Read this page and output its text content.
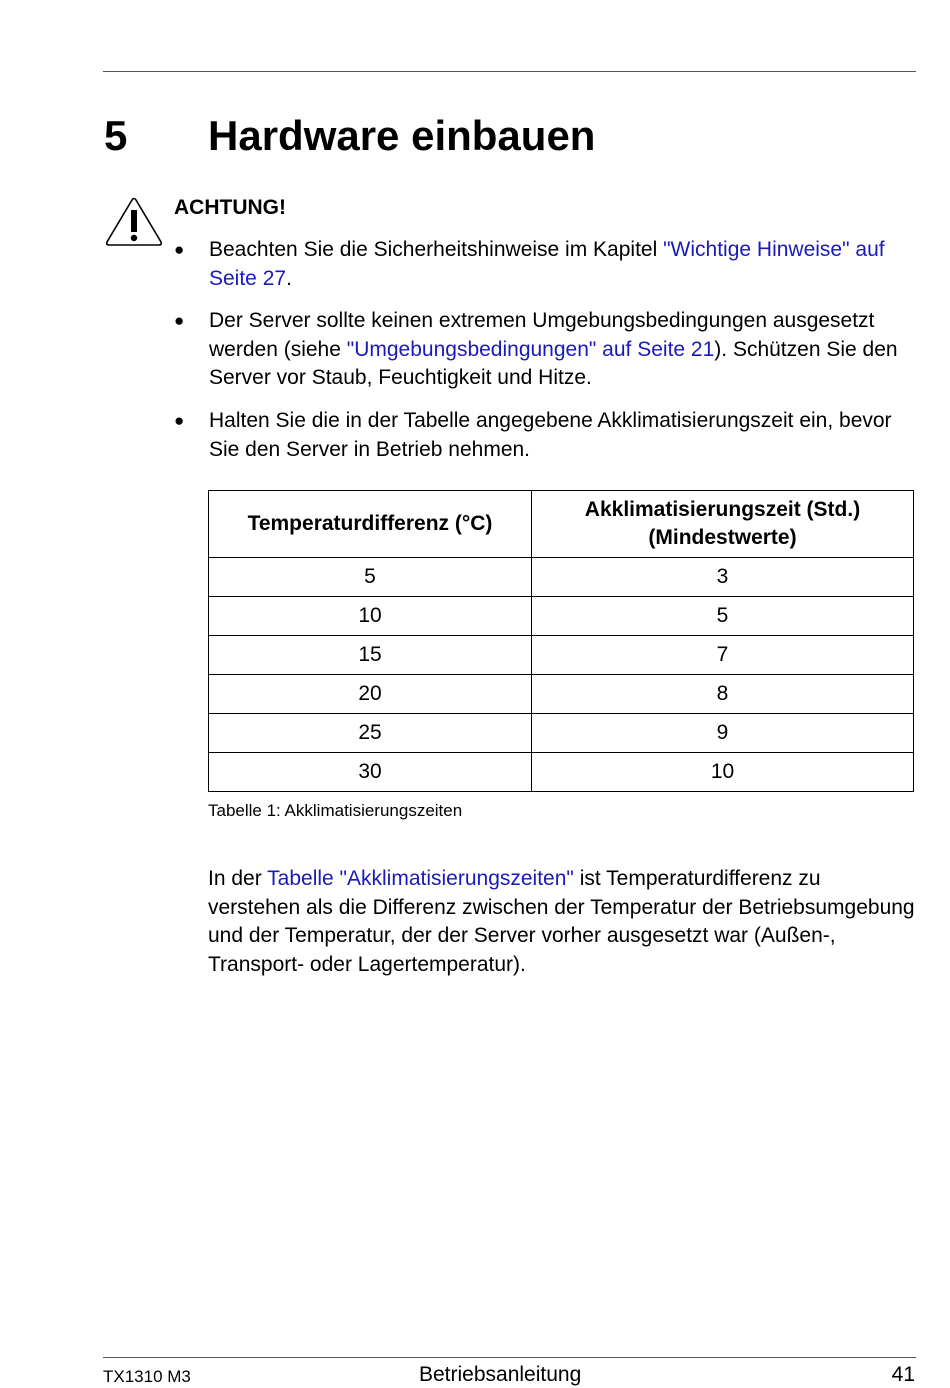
5 Hardware einbauen
ACHTUNG!
● Beachten Sie die Sicherheitshinweise im Kapitel "Wichtige Hinweise" auf Seite 27.
● Der Server sollte keinen extremen Umgebungsbedingungen ausgesetzt werden (siehe "Umgebungsbedingungen" auf Seite 21). Schützen Sie den Server vor Staub, Feuchtigkeit und Hitze.
● Halten Sie die in der Tabelle angegebene Akklimatisierungszeit ein, bevor Sie den Server in Betrieb nehmen.
Temperaturdifferenz (°C)	Akklimatisierungszeit (Std.)(Mindestwerte)
5	3
10	5
15	7
20	8
25	9
30	10
Tabelle 1: Akklimatisierungszeiten
In der Tabelle "Akklimatisierungszeiten" ist Temperaturdifferenz zu verstehen als die Differenz zwischen der Temperatur der Betriebsumgebung und der Temperatur, der der Server vorher ausgesetzt war (Außen-, Transport- oder Lagertemperatur).
TX1310 M3	Betriebsanleitung	41
